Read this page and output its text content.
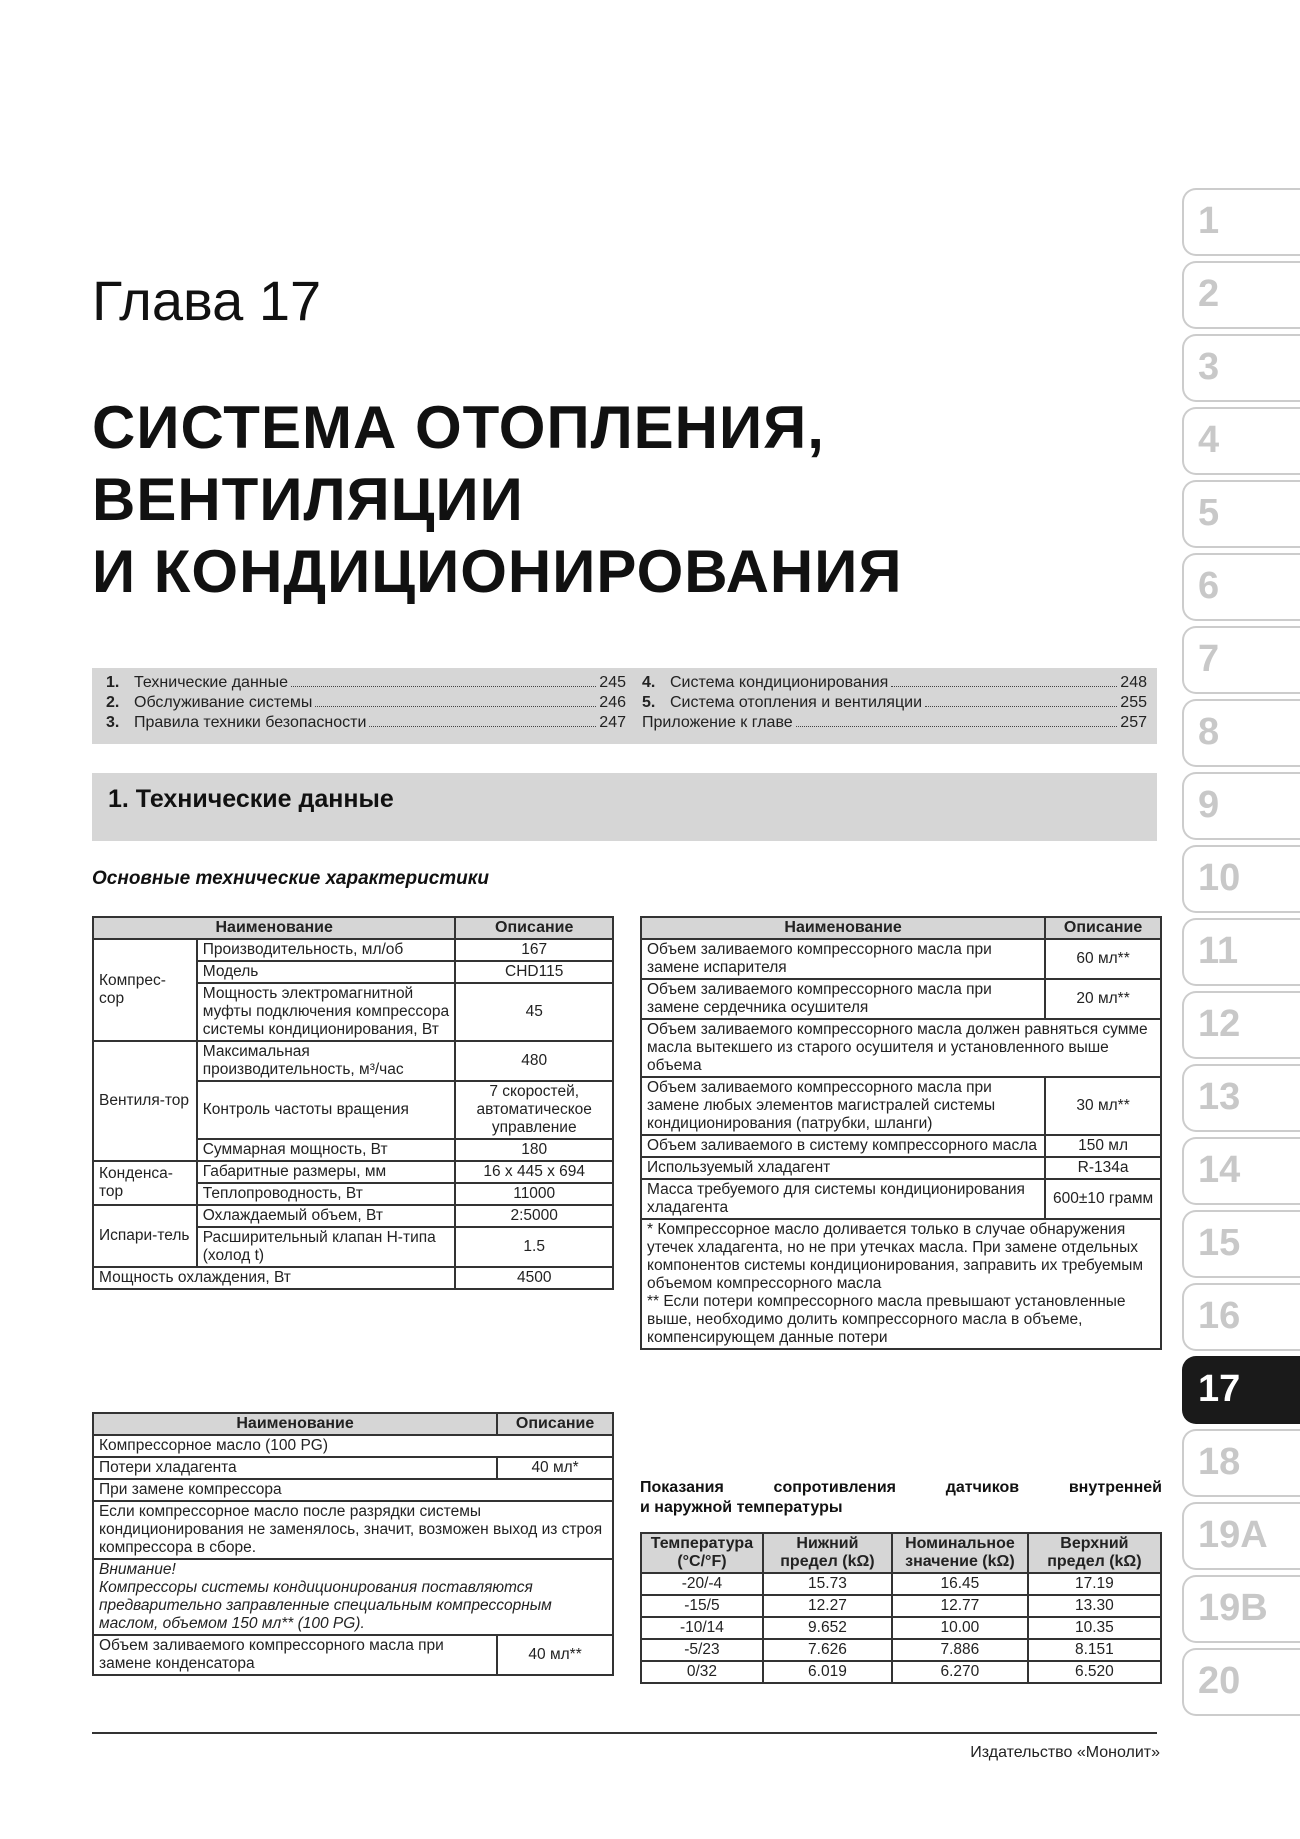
Глава 17
СИСТЕМА ОТОПЛЕНИЯ,
ВЕНТИЛЯЦИИ
И КОНДИЦИОНИРОВАНИЯ
1. Технические данные	245
2. Обслуживание системы	246
3. Правила техники безопасности	247
4. Система кондиционирования	248
5. Система отопления и вентиляции	255
Приложение к главе	257
1. Технические данные
Основные технические характеристики
Наименование		Описание
Компрес-сор	Производительность, мл/об	167
	Модель	CHD115
	Мощность электромагнитной муфты подключения компрессора системы кондиционирования, Вт	45
Вентиля-тор	Максимальная производительность, м³/час	480
	Контроль частоты вращения	7 скоростей, автоматическое управление
	Суммарная мощность, Вт	180
Конденса-тор	Габаритные размеры, мм	16 x 445 x 694
	Теплопроводность, Вт	11000
Испари-тель	Охлаждаемый объем, Вт	2:5000
	Расширительный клапан H-типа (холод t)	1.5
Мощность охлаждения, Вт		4500
Наименование	Описание
Компрессорное масло (100 PG)	
Потери хладагента	40 мл*
При замене компрессора	
Если компрессорное масло после разрядки системы кондиционирования не заменялось, значит, возможен выход из строя компрессора в сборе.	

Внимание!
Компрессоры системы кондиционирования поставляются предварительно заправленные специальным компрессорным маслом, объемом 150 мл** (100 PG).	

Объем заливаемого компрессорного масла при замене конденсатора	40 мл**
Наименование	Описание
Объем заливаемого компрессорного масла при замене испарителя	60 мл**
Объем заливаемого компрессорного масла при замене сердечника осушителя	20 мл**
Объем заливаемого компрессорного масла должен равняться сумме масла вытекшего из старого осушителя и установленного выше объема	
Объем заливаемого компрессорного масла при замене любых элементов магистралей системы кондиционирования (патрубки, шланги)	30 мл**
Объем заливаемого в систему компрессорного масла	150 мл
Используемый хладагент	R-134a
Масса требуемого для системы кондиционирования хладагента	600±10 грамм

* Компрессорное масло доливается только в случае обнаружения утечек хладагента, но не при утечках масла. При замене отдельных компонентов системы кондиционирования, заправить их требуемым объемом компрессорного масла
** Если потери компрессорного масла превышают установленные выше, необходимо долить компрессорного масла в объеме, компенсирующем данные потери	
Показания	сопротивления	датчиков	внутренней
и наружной температуры
Температура (°C/°F)	Нижний предел (kΩ)	Номинальное значение (kΩ)	Верхний предел (kΩ)
-20/-4	15.73	16.45	17.19
-15/5	12.27	12.77	13.30
-10/14	9.652	10.00	10.35
-5/23	7.626	7.886	8.151
0/32	6.019	6.270	6.520
Издательство «Монолит»
1
2
3
4
5
6
7
8
9
10
11
12
13
14
15
16
17
18
19A
19B
20
